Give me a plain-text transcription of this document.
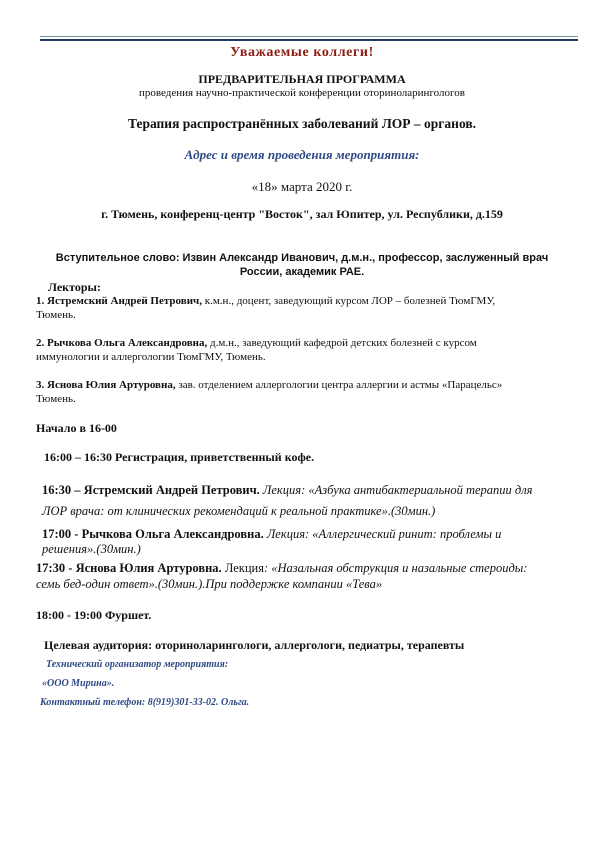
Уважаемые коллеги!
ПРЕДВАРИТЕЛЬНАЯ ПРОГРАММА
проведения научно-практической конференции оториноларингологов
Терапия распространённых заболеваний ЛОР – органов.
Адрес и время проведения мероприятия:
«18» марта 2020 г.
г. Тюмень, конференц-центр "Восток", зал Юпитер, ул. Республики, д.159
Вступительное слово: Извин Александр Иванович, д.м.н., профессор, заслуженный врач
России, академик РАЕ.
Лекторы:
1. Ястремский Андрей Петрович, к.м.н., доцент, заведующий курсом ЛОР – болезней ТюмГМУ,
Тюмень.
2. Рычкова Ольга Александровна, д.м.н., заведующий кафедрой детских болезней с курсом
иммунологии и аллергологии ТюмГМУ, Тюмень.
3. Яснова Юлия Артуровна, зав. отделением аллергологии центра аллергии и астмы «Парацельс»
Тюмень.
Начало в 16-00
16:00 – 16:30 Регистрация, приветственный кофе.
16:30 – Ястремский Андрей Петрович. Лекция: «Азбука антибактериальной терапии для
ЛОР врача: от клинических рекомендаций к реальной практике».(30мин.)
17:00 - Рычкова Ольга Александровна. Лекция: «Аллергический ринит: проблемы и
решения».(30мин.)
17:30 - Яснова Юлия Артуровна. Лекция: «Назальная обструкция и назальные стероиды:
семь бед-один ответ».(30мин.).При поддержке компании «Тева»
18:00 - 19:00 Фуршет.
Целевая аудитория: оториноларингологи, аллергологи, педиатры, терапевты
Технический организатор мероприятия:
«ООО Мирина».
Контактный телефон: 8(919)301-33-02. Ольга.
